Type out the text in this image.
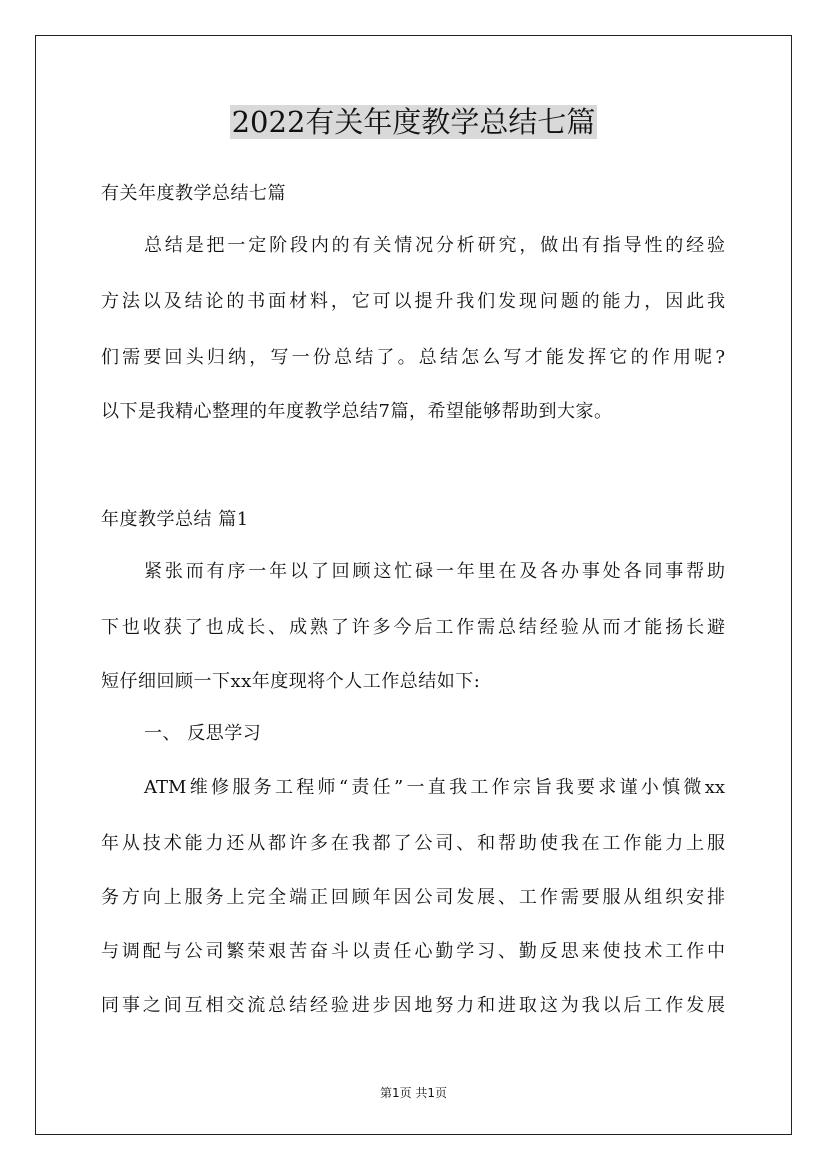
2022有关年度教学总结七篇
有关年度教学总结七篇
总结是把一定阶段内的有关情况分析研究，做出有指导性的经验
方法以及结论的书面材料，它可以提升我们发现问题的能力，因此我
们需要回头归纳，写一份总结了。总结怎么写才能发挥它的作用呢?
以下是我精心整理的年度教学总结7篇，希望能够帮助到大家。
年度教学总结 篇1
紧张而有序一年以了回顾这忙碌一年里在及各办事处各同事帮助
下也收获了也成长、成熟了许多今后工作需总结经验从而才能扬长避
短仔细回顾一下xx年度现将个人工作总结如下:
一、 反思学习
ATM维修服务工程师“责任”一直我工作宗旨我要求谨小慎微xx
年从技术能力还从都许多在我都了公司、和帮助使我在工作能力上服
务方向上服务上完全端正回顾年因公司发展、工作需要服从组织安排
与调配与公司繁荣艰苦奋斗以责任心勤学习、勤反思来使技术工作中
同事之间互相交流总结经验进步因地努力和进取这为我以后工作发展
第1页 共1页
